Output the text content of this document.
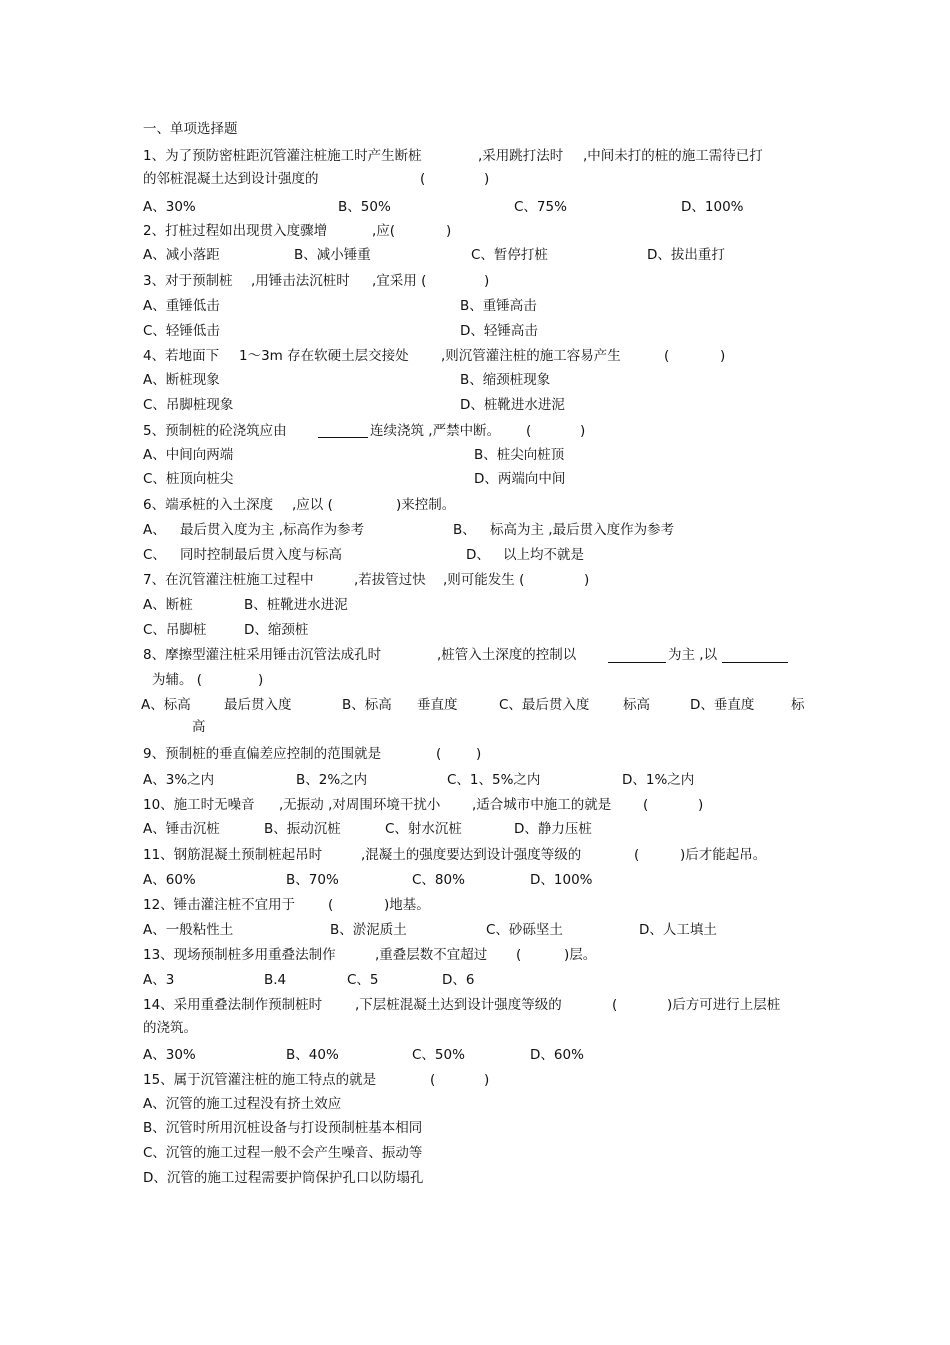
一、单项选择题
1、为了预防密桩距沉管灌注桩施工时产生断桩	,采用跳打法时 ,中间未打的桩的施工需待已打
的邻桩混凝土达到设计强度的	(	)
A、30%	B、50%	C、75%	D、100%
2、打桩过程如出现贯入度骤增	,应(	)
A、减小落距	B、减小锤重	C、暂停打桩	D、拔出重打
3、对于预制桩 ,用锤击法沉桩时 ,宜采用 (	)
A、重锤低击	B、重锤高击
C、轻锤低击	D、轻锤高击
4、若地面下 1～3m 存在软硬土层交接处 ,则沉管灌注桩的施工容易产生	(	)
A、断桩现象	B、缩颈桩现象
C、吊脚桩现象	D、桩靴进水进泥
5、预制桩的砼浇筑应由	连续浇筑 ,严禁中断。 (	)
A、中间向两端	B、桩尖向桩顶
C、桩顶向桩尖	D、两端向中间
6、端承桩的入土深度 ,应以 (	)来控制。
A、 最后贯入度为主 ,标高作为参考	B、 标高为主 ,最后贯入度作为参考
C、 同时控制最后贯入度与标高	D、 以上均不就是
7、在沉管灌注桩施工过程中	,若拔管过快 ,则可能发生 (	)
A、断桩	B、桩靴进水进泥
C、吊脚桩	D、缩颈桩
8、摩擦型灌注桩采用锤击沉管法成孔时	,桩管入土深度的控制以	为主 ,以
为辅。 (	)
A、标高 最后贯入度	B、标高 垂直度	C、最后贯入度 标高	D、垂直度	标
高
9、预制桩的垂直偏差应控制的范围就是	(	)
A、3%之内	B、2%之内	C、1、5%之内	D、1%之内
10、施工时无噪音 ,无振动 ,对周围环境干扰小 ,适合城市中施工的就是 (	)
A、锤击沉桩	B、振动沉桩	C、射水沉桩	D、静力压桩
11、钢筋混凝土预制桩起吊时	,混凝土的强度要达到设计强度等级的	(	)后才能起吊。
A、60%	B、70%	C、80%	D、100%
12、锤击灌注桩不宜用于 (	)地基。
A、一般粘性土	B、淤泥质土	C、砂砾坚土	D、人工填土
13、现场预制桩多用重叠法制作	,重叠层数不宜超过 (	)层。
A、3	B.4	C、5	D、6
14、采用重叠法制作预制桩时 ,下层桩混凝土达到设计强度等级的	(	)后方可进行上层桩
的浇筑。
A、30%	B、40%	C、50%	D、60%
15、属于沉管灌注桩的施工特点的就是	(	)
A、沉管的施工过程没有挤土效应
B、沉管时所用沉桩设备与打设预制桩基本相同
C、沉管的施工过程一般不会产生噪音、振动等
D、沉管的施工过程需要护筒保护孔口以防塌孔
